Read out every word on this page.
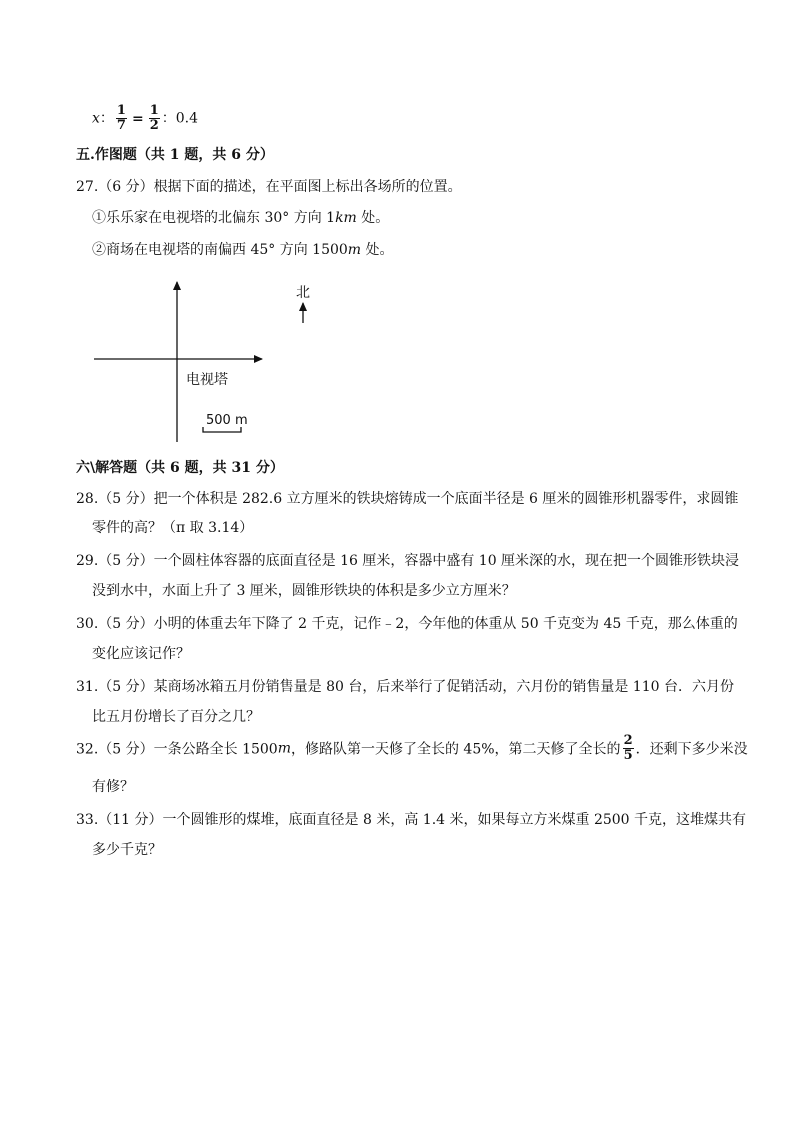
x： $\frac{1}{7} = \frac{1}{2}$ ：0.4
五.作图题（共 1 题，共 6 分）
27.（6 分）根据下面的描述，在平面图上标出各场所的位置。
①乐乐家在电视塔的北偏东 30° 方向 1km 处。
②商场在电视塔的南偏西 45° 方向 1500m 处。
北
电视塔
500 m
六\解答题（共 6 题，共 31 分）
28.（5 分）把一个体积是 282.6 立方厘米的铁块熔铸成一个底面半径是 6 厘米的圆锥形机器零件，求圆锥
零件的高？（π 取 3.14）
29.（5 分）一个圆柱体容器的底面直径是 16 厘米，容器中盛有 10 厘米深的水，现在把一个圆锥形铁块浸
没到水中，水面上升了 3 厘米，圆锥形铁块的体积是多少立方厘米？
30.（5 分）小明的体重去年下降了 2 千克，记作﹣2，今年他的体重从 50 千克变为 45 千克，那么体重的
变化应该记作？
31.（5 分）某商场冰箱五月份销售量是 80 台，后来举行了促销活动，六月份的销售量是 110 台．六月份
比五月份增长了百分之几？
32.（5 分）一条公路全长 1500m，修路队第一天修了全长的 45%，第二天修了全长的 $\frac{2}{5}$ ．还剩下多少米没
有修？
33.（11 分）一个圆锥形的煤堆，底面直径是 8 米，高 1.4 米，如果每立方米煤重 2500 千克，这堆煤共有
多少千克？
